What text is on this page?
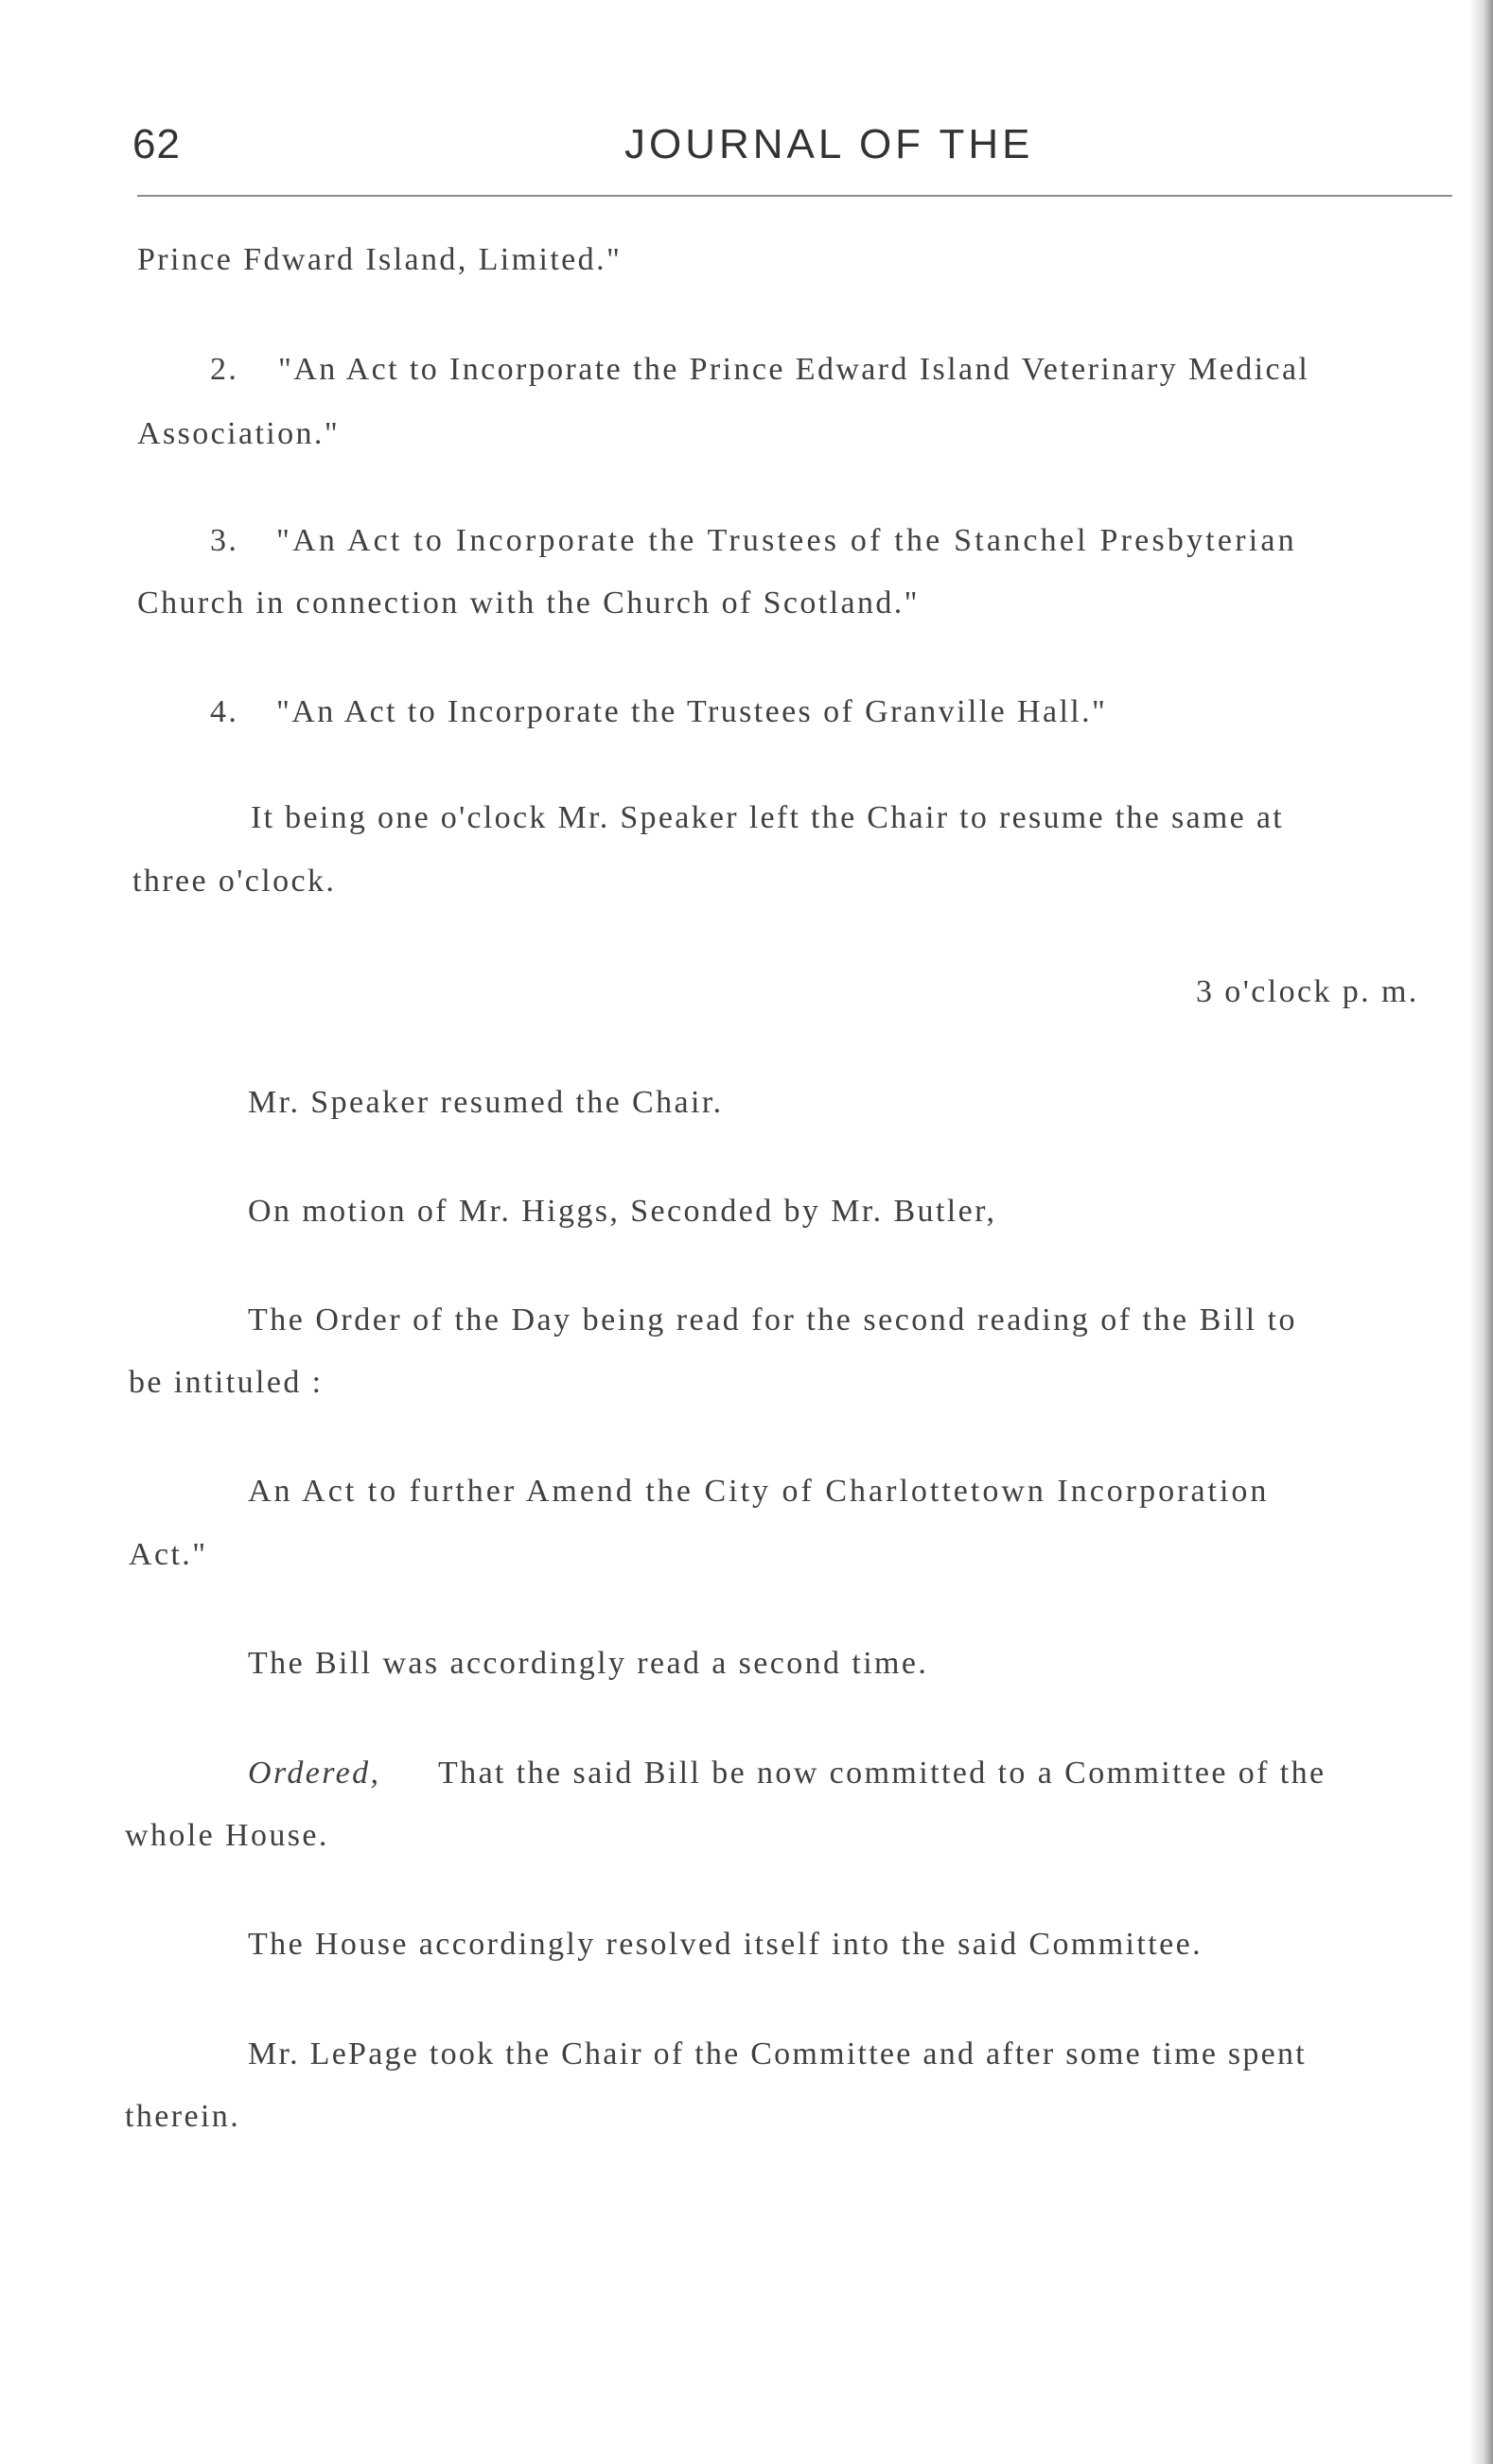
62	JOURNAL OF THE
Prince Fdward Island, Limited."
2. "An Act to Incorporate the Prince Edward Island Veterinary Medical
Association."
3. "An Act to Incorporate the Trustees of the Stanchel Presbyterian
Church in connection with the Church of Scotland."
4. "An Act to Incorporate the Trustees of Granville Hall."
It being one o'clock Mr. Speaker left the Chair to resume the same at
three o'clock.
3 o'clock p. m.
Mr. Speaker resumed the Chair.
On motion of Mr. Higgs, Seconded by Mr. Butler,
The Order of the Day being read for the second reading of the Bill to
be intituled :
An Act to further Amend the City of Charlottetown Incorporation
Act."
The Bill was accordingly read a second time.
Ordered, That the said Bill be now committed to a Committee of the
whole House.
The House accordingly resolved itself into the said Committee.
Mr. LePage took the Chair of the Committee and after some time spent
therein.
